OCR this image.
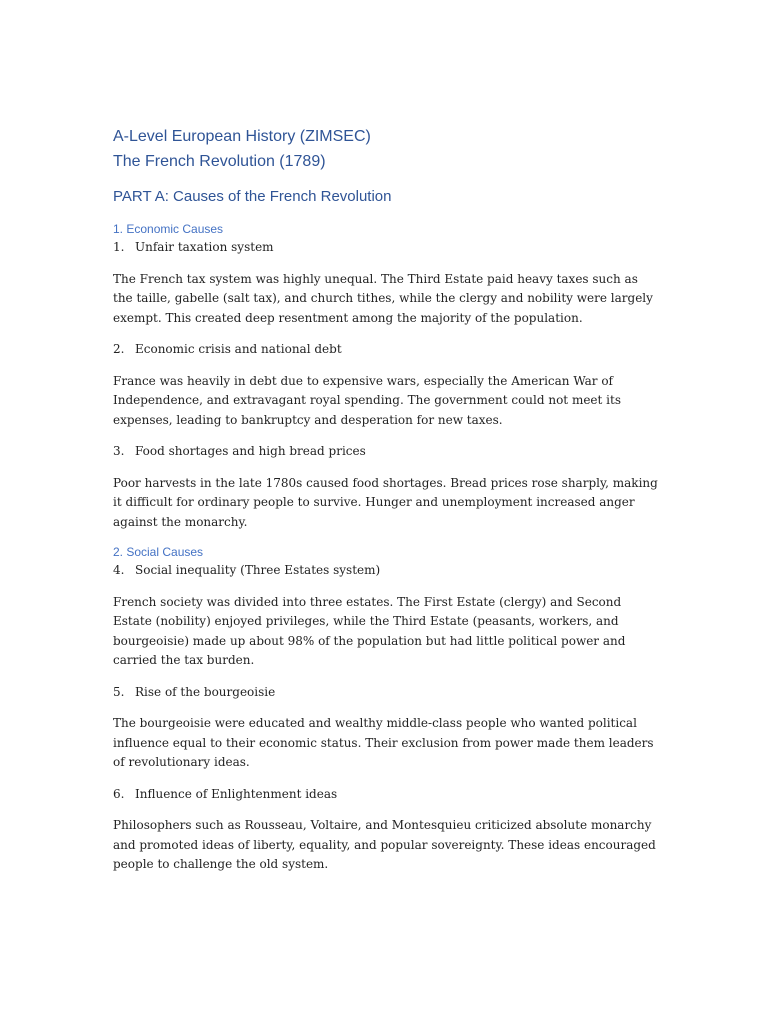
A-Level European History (ZIMSEC)
The French Revolution (1789)
PART A: Causes of the French Revolution
1. Economic Causes
1. Unfair taxation system

The French tax system was highly unequal. The Third Estate paid heavy taxes such as the taille, gabelle (salt tax), and church tithes, while the clergy and nobility were largely exempt. This created deep resentment among the majority of the population.

2. Economic crisis and national debt

France was heavily in debt due to expensive wars, especially the American War of Independence, and extravagant royal spending. The government could not meet its expenses, leading to bankruptcy and desperation for new taxes.

3. Food shortages and high bread prices

Poor harvests in the late 1780s caused food shortages. Bread prices rose sharply, making it difficult for ordinary people to survive. Hunger and unemployment increased anger against the monarchy.

2. Social Causes
4. Social inequality (Three Estates system)

French society was divided into three estates. The First Estate (clergy) and Second Estate (nobility) enjoyed privileges, while the Third Estate (peasants, workers, and bourgeoisie) made up about 98% of the population but had little political power and carried the tax burden.

5. Rise of the bourgeoisie

The bourgeoisie were educated and wealthy middle-class people who wanted political influence equal to their economic status. Their exclusion from power made them leaders of revolutionary ideas.

6. Influence of Enlightenment ideas

Philosophers such as Rousseau, Voltaire, and Montesquieu criticized absolute monarchy and promoted ideas of liberty, equality, and popular sovereignty. These ideas encouraged people to challenge the old system.
